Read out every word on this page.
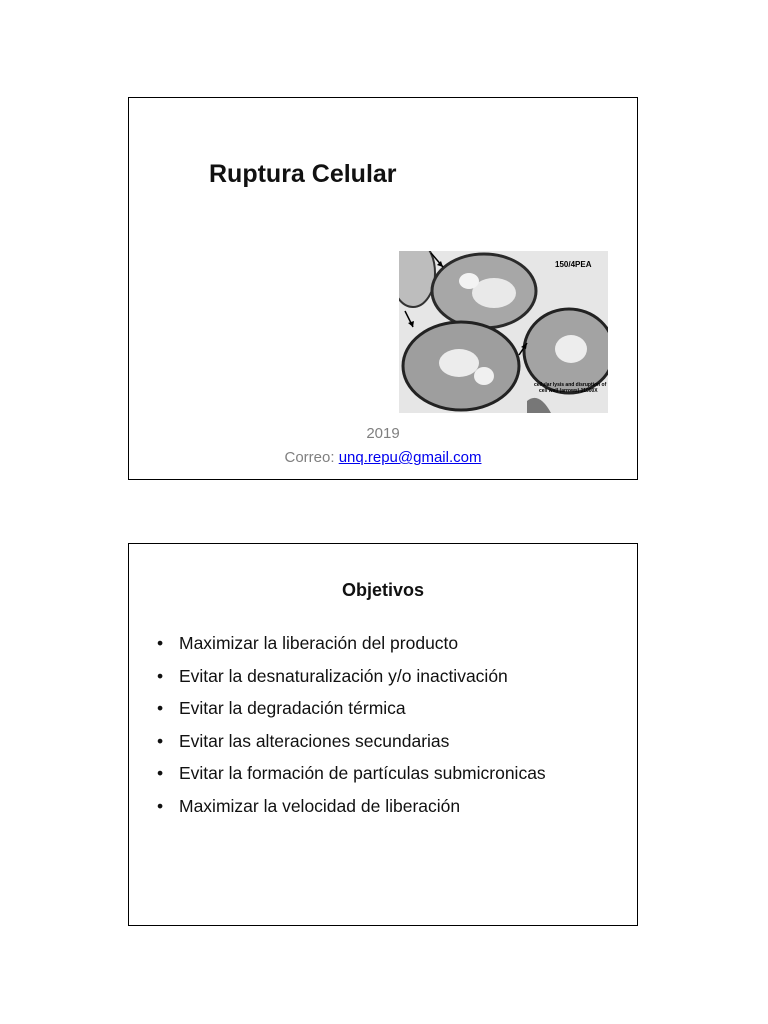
Ruptura Celular
150/4PEA
cellular lysis and disruption of
cell wall (arrows) 11000X
2019
Correo: unq.repu@gmail.com
Objetivos
• Maximizar la liberación del producto
• Evitar la desnaturalización y/o inactivación
• Evitar la degradación térmica
• Evitar las alteraciones secundarias
• Evitar la formación de partículas submicronicas
• Maximizar la velocidad de liberación
